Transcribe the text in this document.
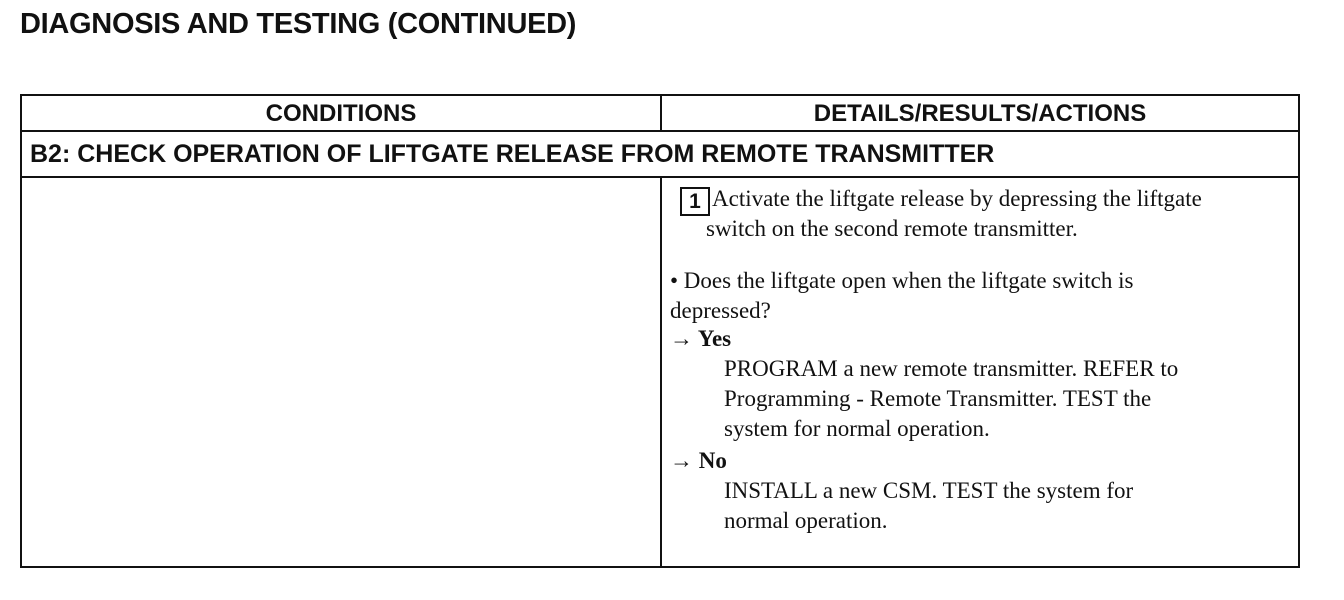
DIAGNOSIS AND TESTING (CONTINUED)
CONDITIONS	DETAILS/RESULTS/ACTIONS
B2: CHECK OPERATION OF LIFTGATE RELEASE FROM REMOTE TRANSMITTER
1 Activate the liftgate release by depressing the liftgate
switch on the second remote transmitter.
• Does the liftgate open when the liftgate switch is
depressed?
→ Yes
PROGRAM a new remote transmitter. REFER to
Programming - Remote Transmitter. TEST the
system for normal operation.
→ No
INSTALL a new CSM. TEST the system for
normal operation.
